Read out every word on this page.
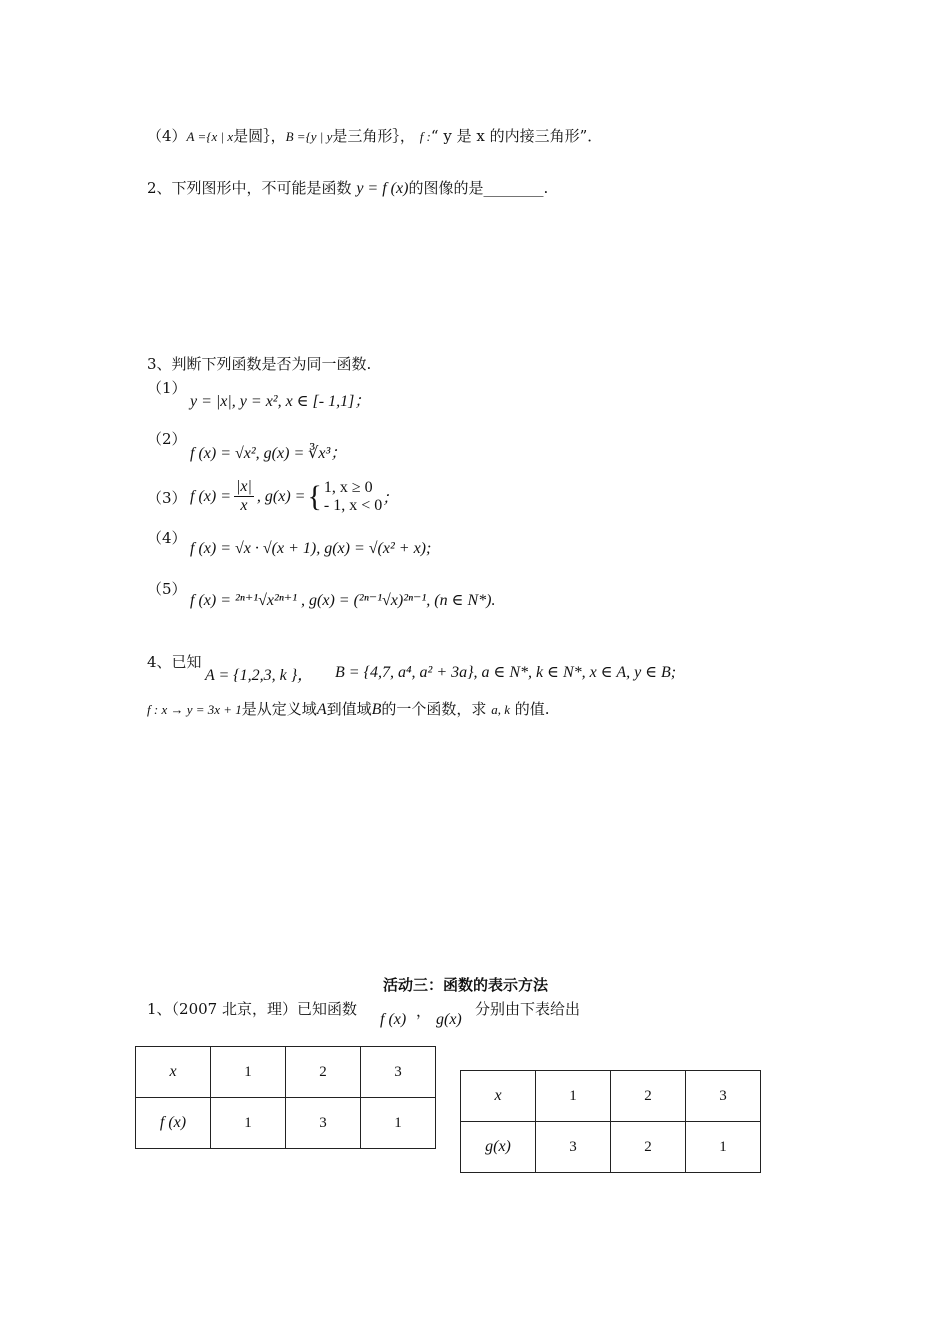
（4）A ={x | x是圆｝，B ={y | y是三角形｝， f :“ y 是 x 的内接三角形”．
2、下列图形中，不可能是函数 y = f (x)的图像的是________.
3、判断下列函数是否为同一函数.
（1）
y = |x|, y = x², x ∈ [- 1,1]；
（2）
f (x) = √x², g(x) = ∛x³；
（3） f $(x) = \frac{|x|}{x}$ , g(x) = { 1, x ≥ 0
- 1, x < 0 ；
（4）
f (x) = √x · √(x + 1), g(x) = √(x² + x);
（5）
f (x) = ²ⁿ⁺¹√x²ⁿ⁺¹ , g(x) = (²ⁿ⁻¹√x)²ⁿ⁻¹, (n ∈ N*).
4、已知
A = {1,2,3, k }， B = {4,7, a⁴, a² + 3a}, a ∈ N*, k ∈ N*, x ∈ A, y ∈ B;
f : x → y = 3x + 1是从定义域A到值域B的一个函数，求 a, k 的值.
活动三：函数的表示方法
1、（2007 北京，理）已知函数
f (x) ， g(x)
分别由下表给出
x	1	2	3
f (x)	1	3	1
x	1	2	3
g(x)	3	2	1
